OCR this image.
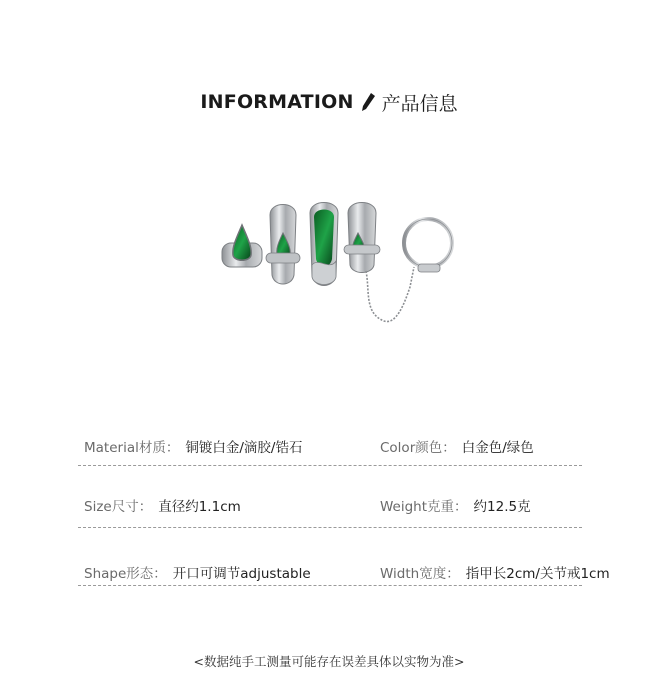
INFORMATION 产品信息
Material材质： 铜镀白金/滴胶/锆石	Color颜色： 白金色/绿色
Size尺寸： 直径约1.1cm	Weight克重： 约12.5克
Shape形态： 开口可调节adjustable	Width宽度： 指甲长2cm/关节戒1cm
<数据纯手工测量可能存在误差具体以实物为准>
